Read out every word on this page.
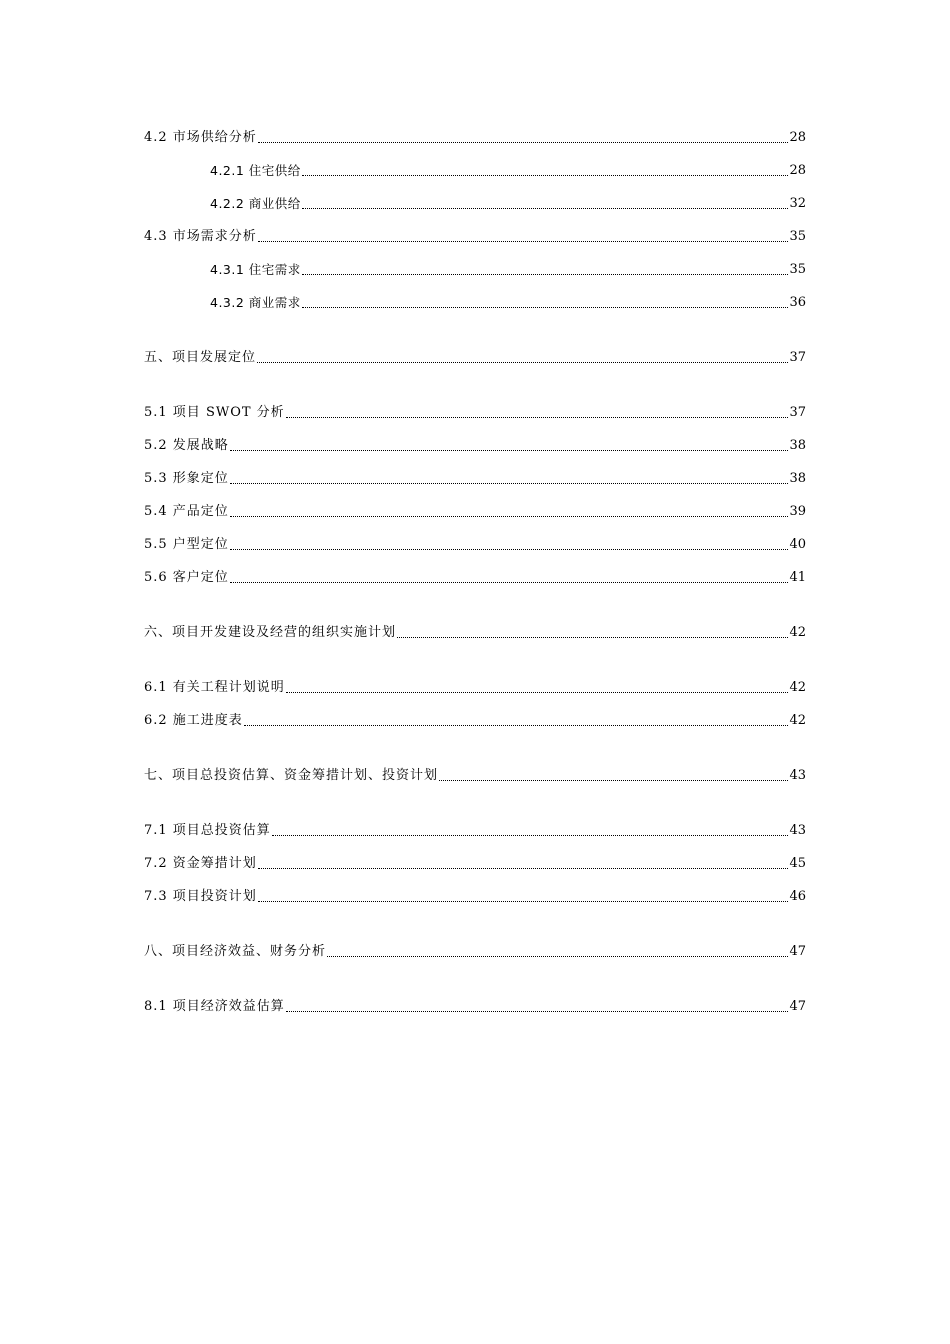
4.2 市场供给分析	28
4.2.1 住宅供给	28
4.2.2 商业供给	32
4.3 市场需求分析	35
4.3.1 住宅需求	35
4.3.2 商业需求	36
五、项目发展定位	37
5.1 项目 SWOT 分析	37
5.2 发展战略	38
5.3 形象定位	38
5.4 产品定位	39
5.5 户型定位	40
5.6 客户定位	41
六、项目开发建设及经营的组织实施计划	42
6.1 有关工程计划说明	42
6.2 施工进度表	42
七、项目总投资估算、资金筹措计划、投资计划	43
7.1 项目总投资估算	43
7.2 资金筹措计划	45
7.3 项目投资计划	46
八、项目经济效益、财务分析	47
8.1 项目经济效益估算	47
